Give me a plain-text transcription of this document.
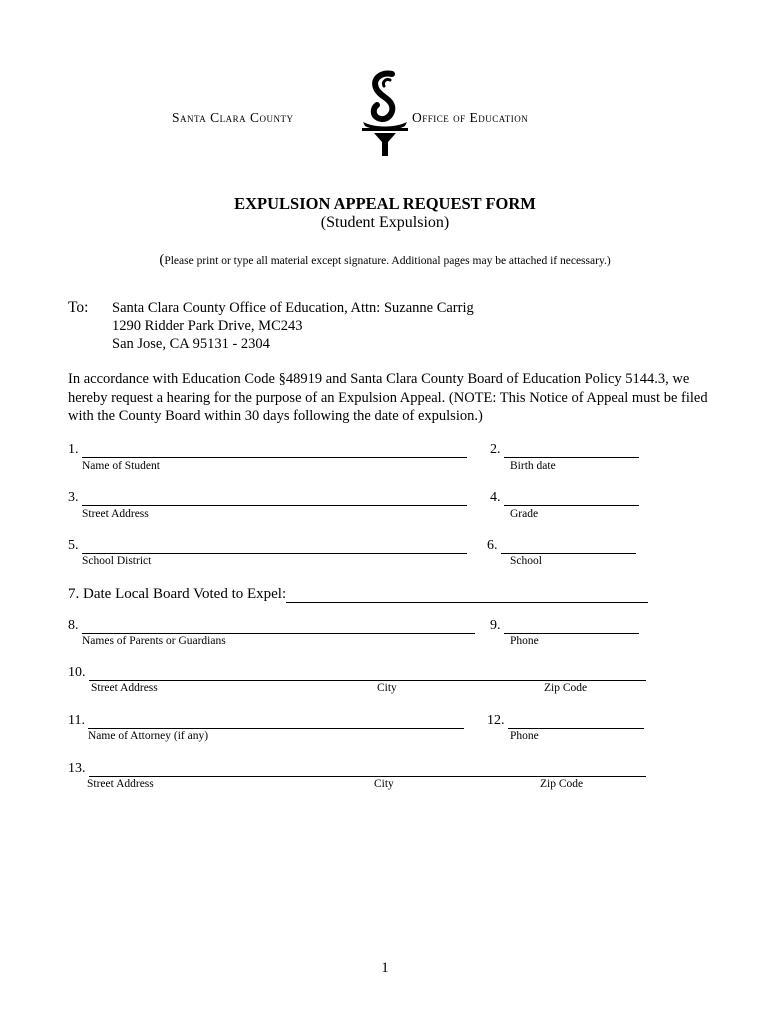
Santa Clara County	Office of Education
EXPULSION APPEAL REQUEST FORM
(Student Expulsion)
(Please print or type all material except signature. Additional pages may be attached if necessary.)
To: Santa Clara County Office of Education, Attn: Suzanne Carrig
1290 Ridder Park Drive, MC243
San Jose, CA 95131 - 2304
In accordance with Education Code §48919 and Santa Clara County Board of Education Policy 5144.3, we hereby request a hearing for the purpose of an Expulsion Appeal. (NOTE: This Notice of Appeal must be filed with the County Board within 30 days following the date of expulsion.)
1.
Name of Student
2.
Birth date
3.
Street Address
4.
Grade
5.
School District
6.
School
7. Date Local Board Voted to Expel:
8.
Names of Parents or Guardians
9.
Phone
10.
Street Address	City	Zip Code
11.
Name of Attorney (if any)
12.
Phone
13.
Street Address	City	Zip Code
1
